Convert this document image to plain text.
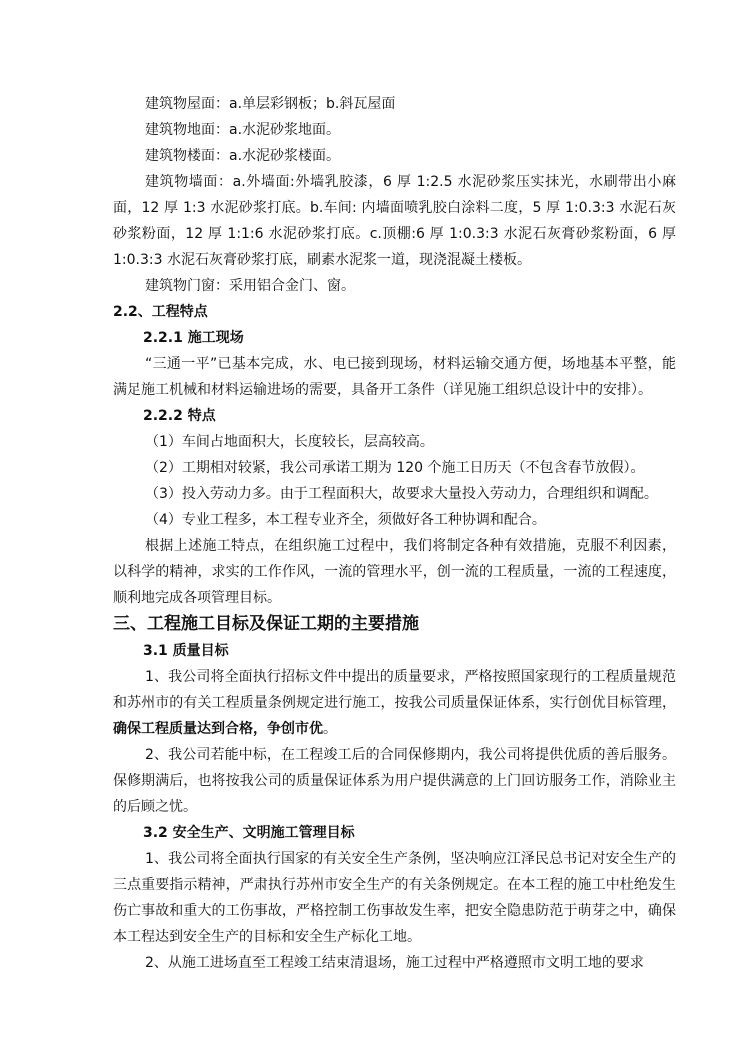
建筑物屋面：a.单层彩钢板；b.斜瓦屋面

建筑物地面：a.水泥砂浆地面。

建筑物楼面：a.水泥砂浆楼面。

建筑物墙面：a.外墙面:外墙乳胶漆，6 厚 1:2.5 水泥砂浆压实抹光，水刷带出小麻面，12 厚 1:3 水泥砂浆打底。b.车间: 内墙面喷乳胶白涂料二度，5 厚 1:0.3:3 水泥石灰砂浆粉面，12 厚 1:1:6 水泥砂浆打底。c.顶棚:6 厚 1:0.3:3 水泥石灰膏砂浆粉面，6 厚 1:0.3:3 水泥石灰膏砂浆打底，刷素水泥浆一道，现浇混凝土楼板。

建筑物门窗：采用铝合金门、窗。

2.2、工程特点

2.2.1 施工现场

“三通一平”已基本完成，水、电已接到现场，材料运输交通方便，场地基本平整，能满足施工机械和材料运输进场的需要，具备开工条件（详见施工组织总设计中的安排）。

2.2.2 特点

（1）车间占地面积大，长度较长，层高较高。

（2）工期相对较紧，我公司承诺工期为 120 个施工日历天（不包含春节放假）。

（3）投入劳动力多。由于工程面积大，故要求大量投入劳动力，合理组织和调配。

（4）专业工程多，本工程专业齐全，须做好各工种协调和配合。

根据上述施工特点，在组织施工过程中，我们将制定各种有效措施，克服不利因素，以科学的精神，求实的工作作风，一流的管理水平，创一流的工程质量，一流的工程速度，顺利地完成各项管理目标。

三、工程施工目标及保证工期的主要措施

3.1 质量目标

1、我公司将全面执行招标文件中提出的质量要求，严格按照国家现行的工程质量规范和苏州市的有关工程质量条例规定进行施工，按我公司质量保证体系，实行创优目标管理，确保工程质量达到合格，争创市优。

2、我公司若能中标，在工程竣工后的合同保修期内，我公司将提供优质的善后服务。保修期满后，也将按我公司的质量保证体系为用户提供满意的上门回访服务工作，消除业主的后顾之忧。

3.2 安全生产、文明施工管理目标

1、我公司将全面执行国家的有关安全生产条例，坚决响应江泽民总书记对安全生产的三点重要指示精神，严肃执行苏州市安全生产的有关条例规定。在本工程的施工中杜绝发生伤亡事故和重大的工伤事故，严格控制工伤事故发生率，把安全隐患防范于萌芽之中，确保本工程达到安全生产的目标和安全生产标化工地。

2、从施工进场直至工程竣工结束清退场，施工过程中严格遵照市文明工地的要求
